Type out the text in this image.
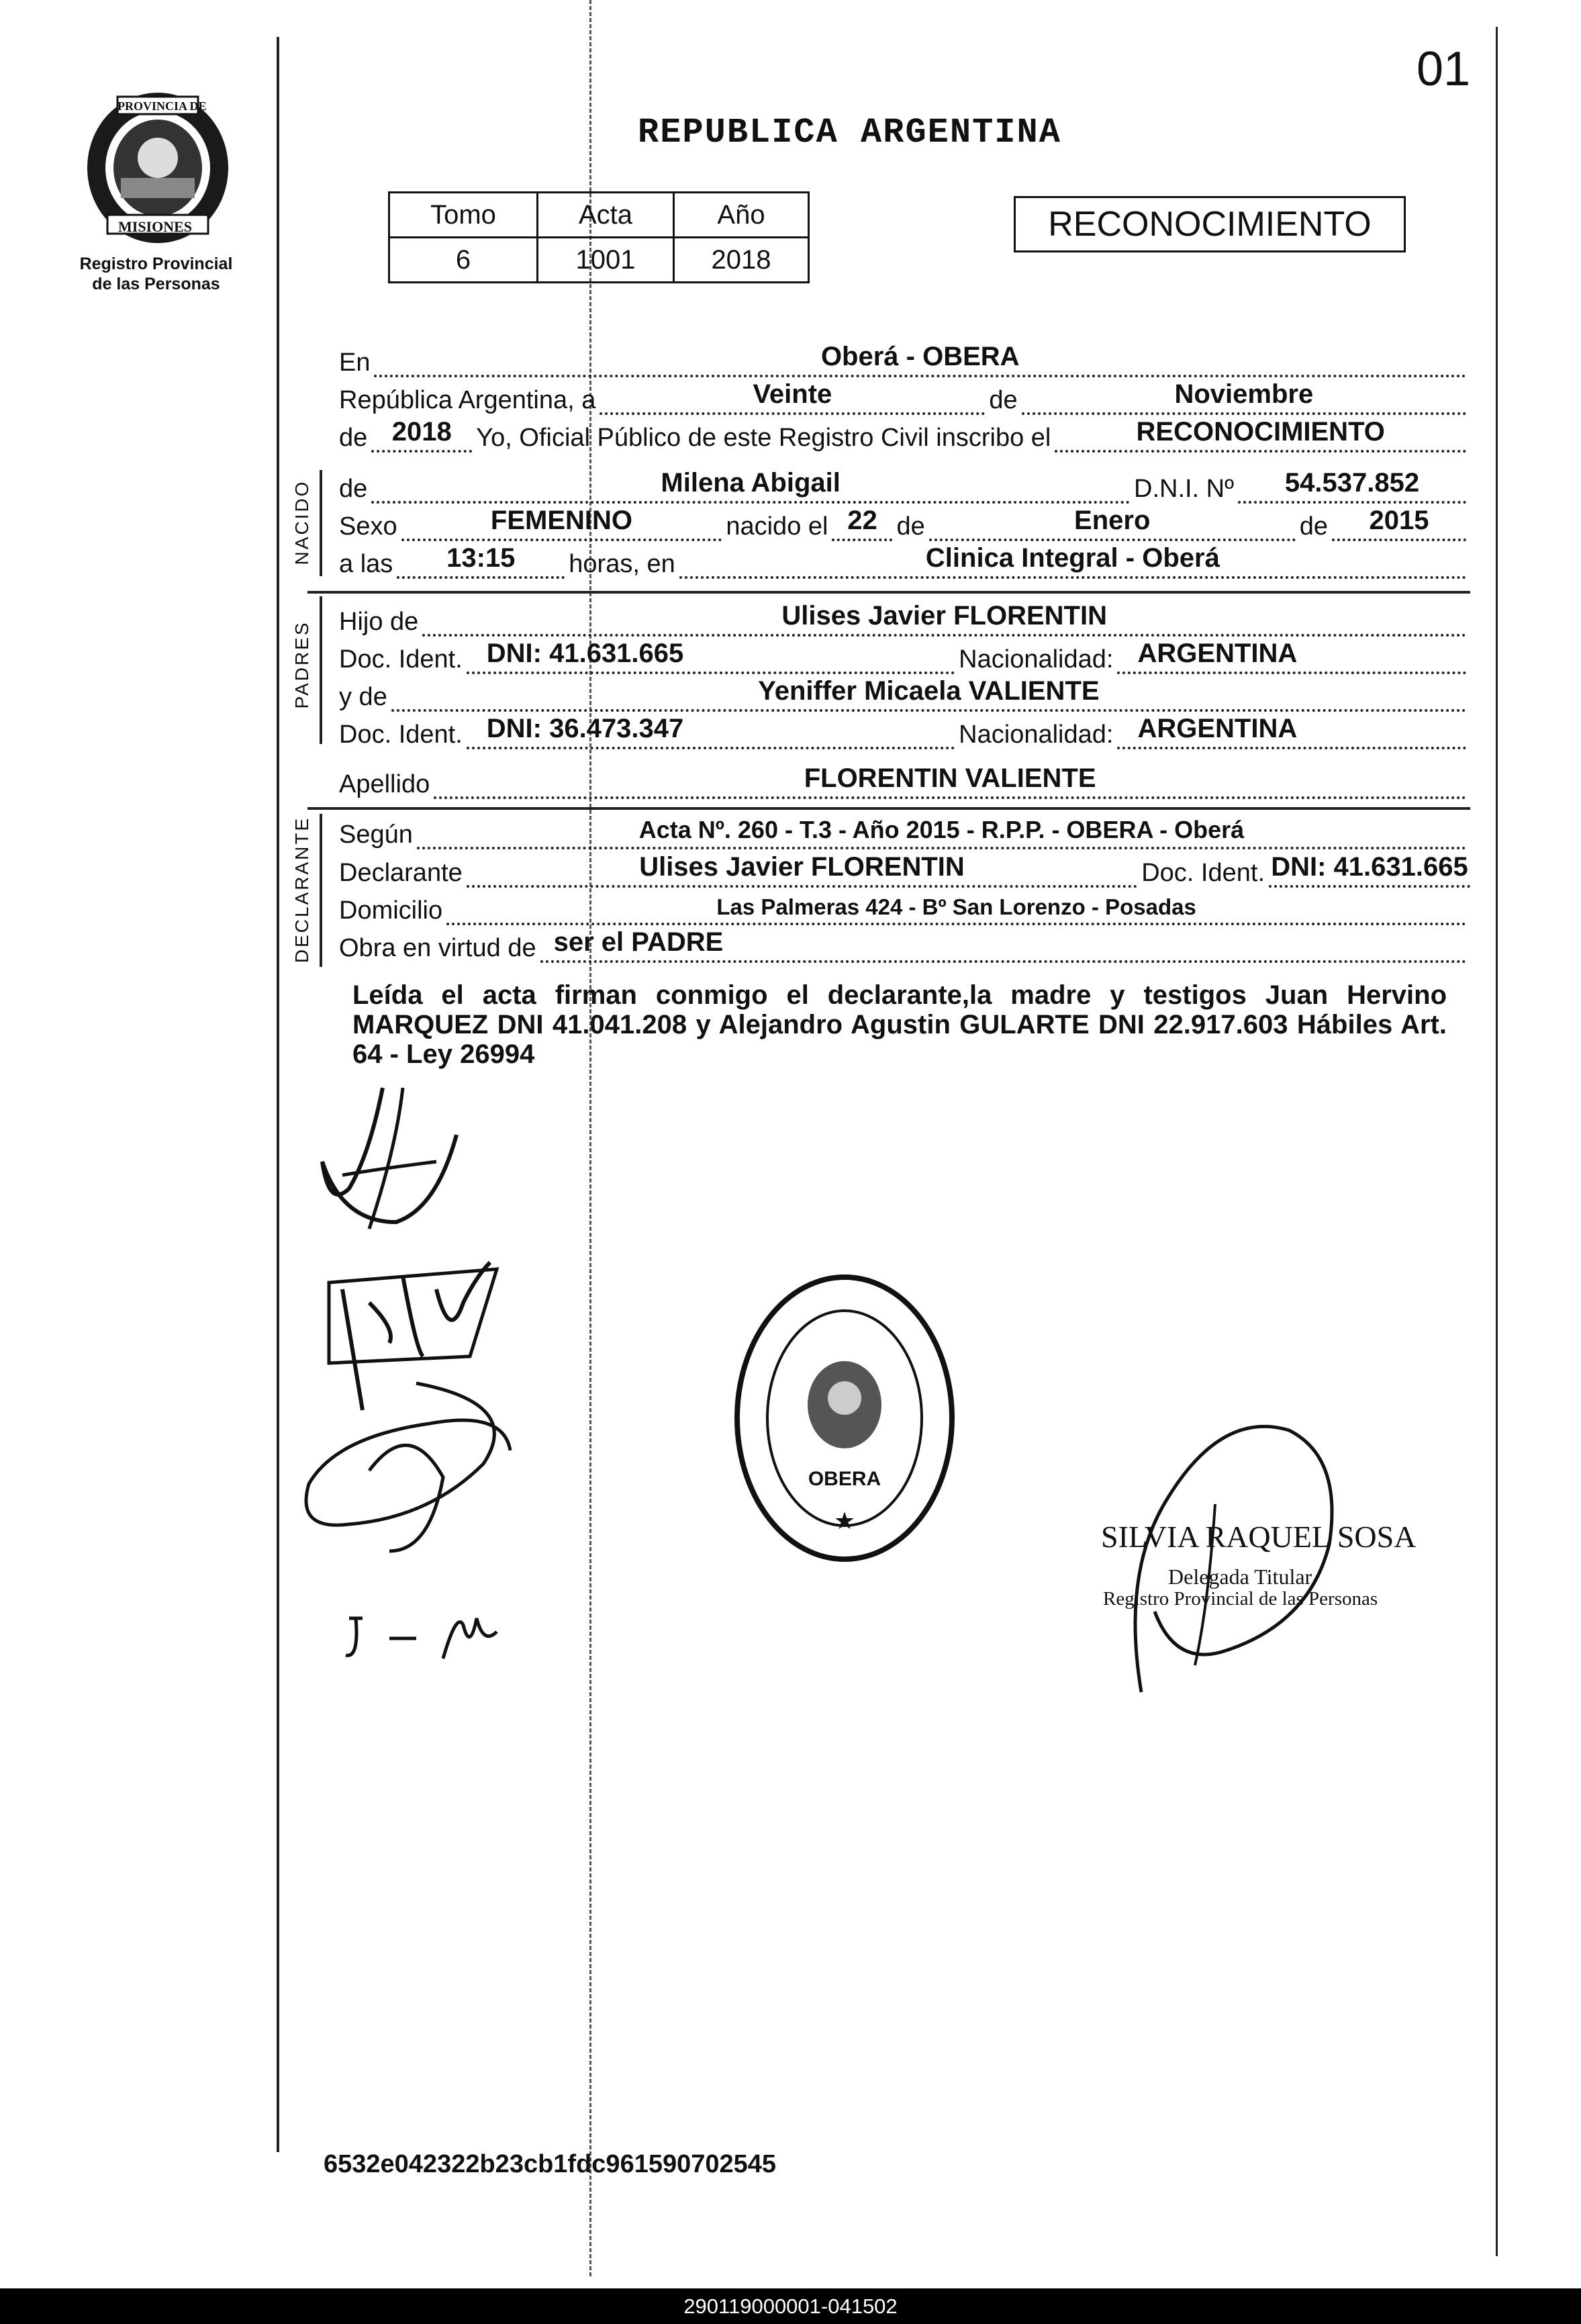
PROVINCIA DE
MISIONES
Registro Provincial
de las Personas
01
REPUBLICA ARGENTINA
Tomo	Acta	Año
6	1001	2018
RECONOCIMIENTO
En	Oberá - OBERA
República Argentina, a	Veinte	de	Noviembre
de 2018 Yo, Oficial Público de este Registro Civil inscribo el	RECONOCIMIENTO
NACIDO de	Milena Abigail	D.N.I. Nº	54.537.852
Sexo	FEMENINO	nacido el 22 de	Enero	de	2015
a las	13:15	horas, en	Clinica Integral - Oberá
PADRES Hijo de	Ulises Javier FLORENTIN
Doc. Ident. DNI: 41.631.665	Nacionalidad: ARGENTINA
y de	Yeniffer Micaela VALIENTE
Doc. Ident. DNI: 36.473.347	Nacionalidad: ARGENTINA
Apellido	FLORENTIN VALIENTE
DECLARANTE Según	Acta Nº. 260 - T.3 - Año 2015 - R.P.P. - OBERA - Oberá
Declarante	Ulises Javier FLORENTIN	Doc. Ident. DNI: 41.631.665
Domicilio	Las Palmeras 424 - Bº San Lorenzo - Posadas
Obra en virtud de ser el PADRE
Leída el acta firman conmigo el declarante,la madre y testigos Juan Hervino MARQUEZ DNI 41.041.208 y Alejandro Agustin GULARTE DNI 22.917.603 Hábiles Art. 64 - Ley 26994
OBERA
★	SILVIA RAQUEL SOSA
Delegada Titular
Registro Provincial de las Personas
6532e042322b23cb1fdc961590702545
290119000001-041502
